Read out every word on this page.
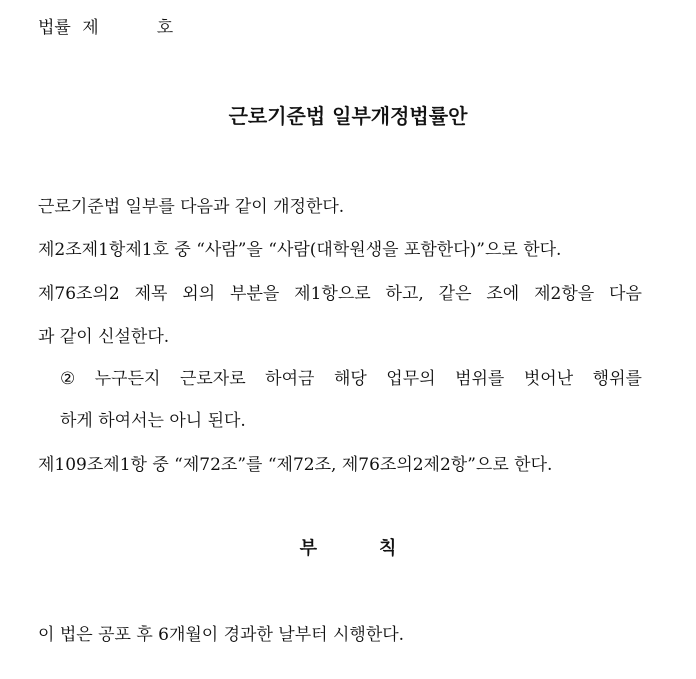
법률 제	호
근로기준법 일부개정법률안
근로기준법 일부를 다음과 같이 개정한다.
제2조제1항제1호 중 “사람”을 “사람(대학원생을 포함한다)”으로 한다.
제76조의2 제목 외의 부분을 제1항으로 하고, 같은 조에 제2항을 다음
과 같이 신설한다.
② 누구든지 근로자로 하여금 해당 업무의 범위를 벗어난 행위를
하게 하여서는 아니 된다.
제109조제1항 중 “제72조”를 “제72조, 제76조의2제2항”으로 한다.
부	칙
이 법은 공포 후 6개월이 경과한 날부터 시행한다.
